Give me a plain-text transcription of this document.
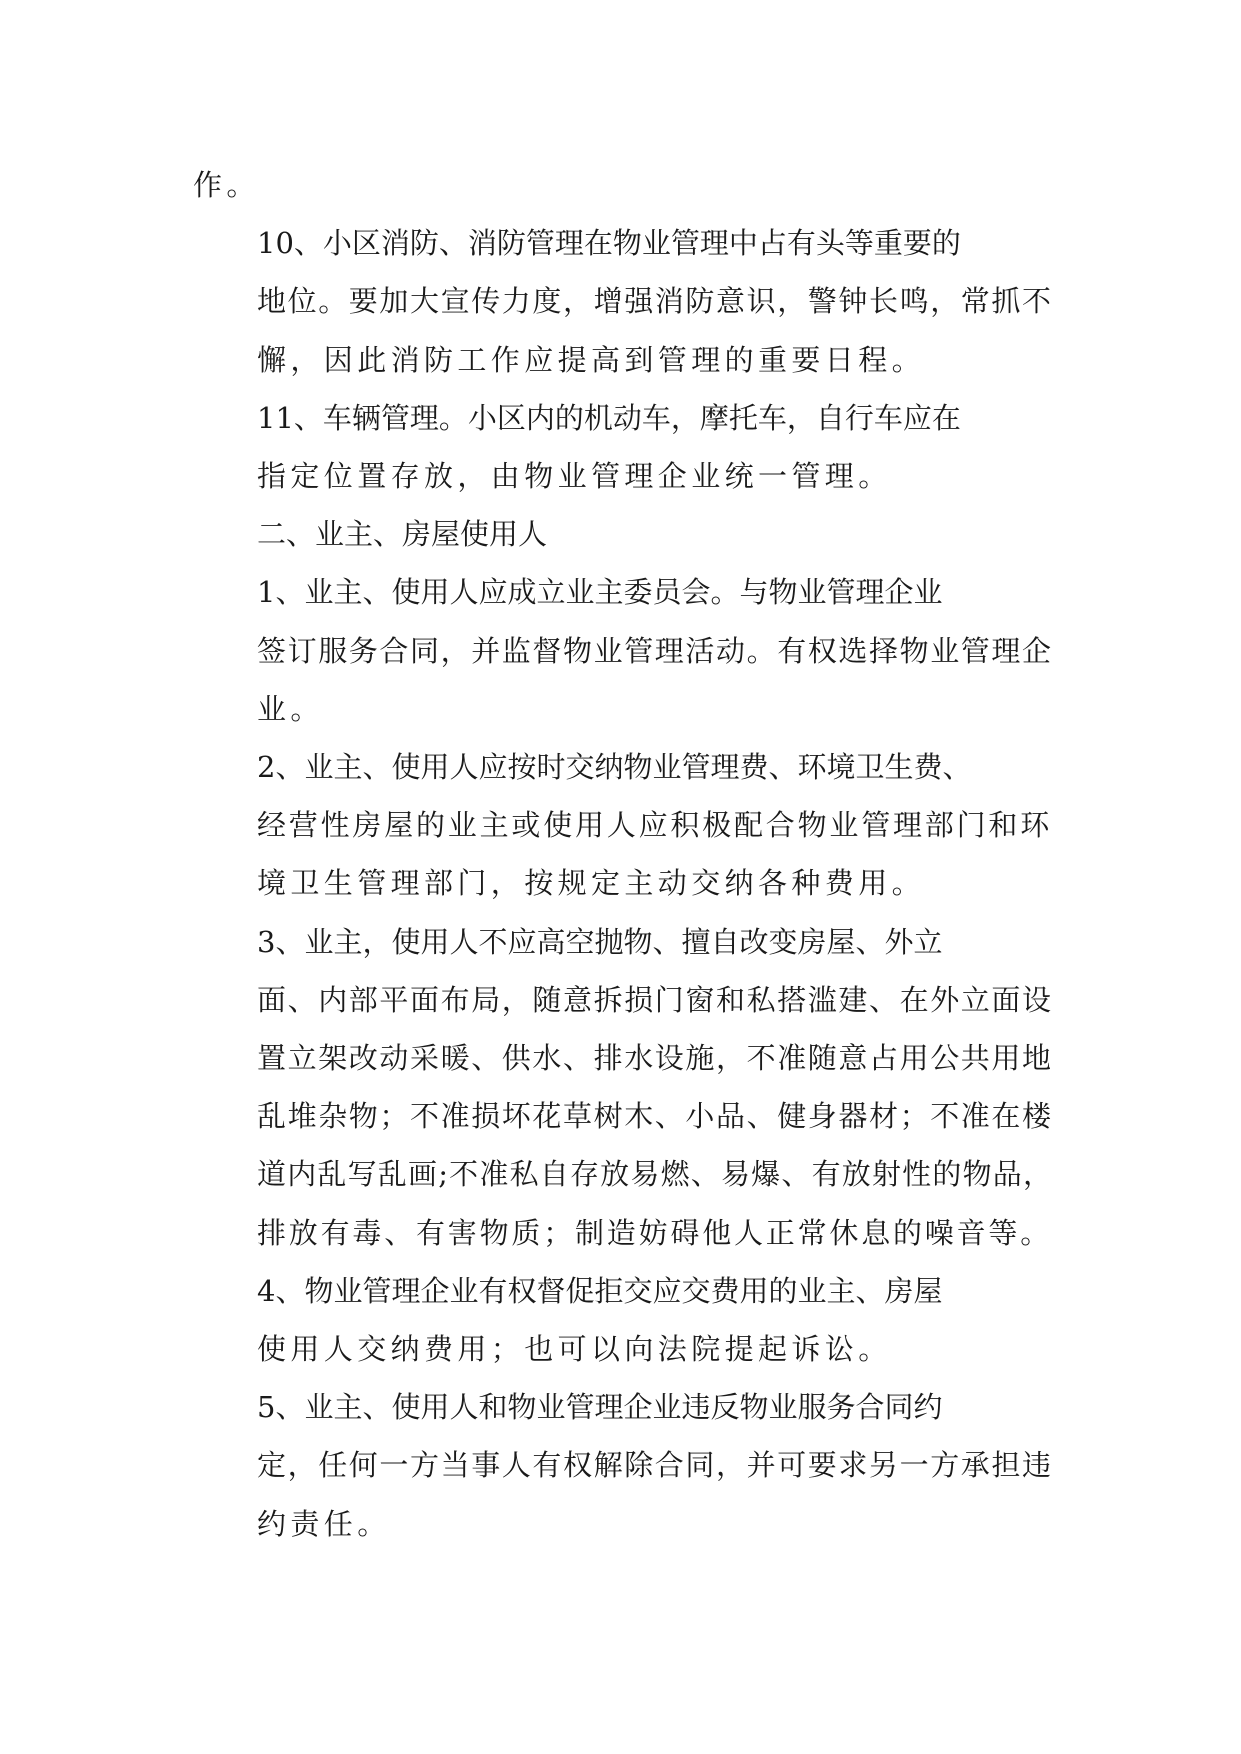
作。
10、小区消防、消防管理在物业管理中占有头等重要的
地位。要加大宣传力度，增强消防意识，警钟长鸣，常抓不
懈，因此消防工作应提高到管理的重要日程。
11、车辆管理。小区内的机动车，摩托车，自行车应在
指定位置存放，由物业管理企业统一管理。
二、业主、房屋使用人
1、业主、使用人应成立业主委员会。与物业管理企业
签订服务合同，并监督物业管理活动。有权选择物业管理企
业。
2、业主、使用人应按时交纳物业管理费、环境卫生费、
经营性房屋的业主或使用人应积极配合物业管理部门和环
境卫生管理部门，按规定主动交纳各种费用。
3、业主，使用人不应高空抛物、擅自改变房屋、外立
面、内部平面布局，随意拆损门窗和私搭滥建、在外立面设
置立架改动采暖、供水、排水设施，不准随意占用公共用地
乱堆杂物；不准损坏花草树木、小品、健身器材；不准在楼
道内乱写乱画;不准私自存放易燃、易爆、有放射性的物品，
排放有毒、有害物质；制造妨碍他人正常休息的噪音等。
4、物业管理企业有权督促拒交应交费用的业主、房屋
使用人交纳费用；也可以向法院提起诉讼。
5、业主、使用人和物业管理企业违反物业服务合同约
定，任何一方当事人有权解除合同，并可要求另一方承担违
约责任。
